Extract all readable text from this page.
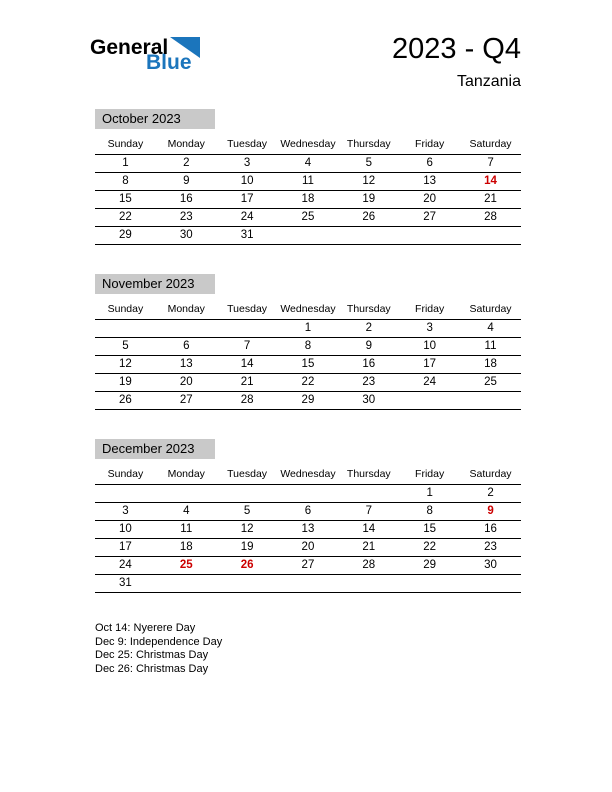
General
Blue	2023 - Q4
Tanzania
October 2023
Sunday	Monday	Tuesday	Wednesday	Thursday	Friday	Saturday
1	2	3	4	5	6	7
8	9	10	11	12	13	14
15	16	17	18	19	20	21
22	23	24	25	26	27	28
29	30	31				
November 2023
Sunday	Monday	Tuesday	Wednesday	Thursday	Friday	Saturday
			1	2	3	4
5	6	7	8	9	10	11
12	13	14	15	16	17	18
19	20	21	22	23	24	25
26	27	28	29	30		
December 2023
Sunday	Monday	Tuesday	Wednesday	Thursday	Friday	Saturday
					1	2
3	4	5	6	7	8	9
10	11	12	13	14	15	16
17	18	19	20	21	22	23
24	25	26	27	28	29	30
31						
Oct 14: Nyerere Day
Dec 9: Independence Day
Dec 25: Christmas Day
Dec 26: Christmas Day
